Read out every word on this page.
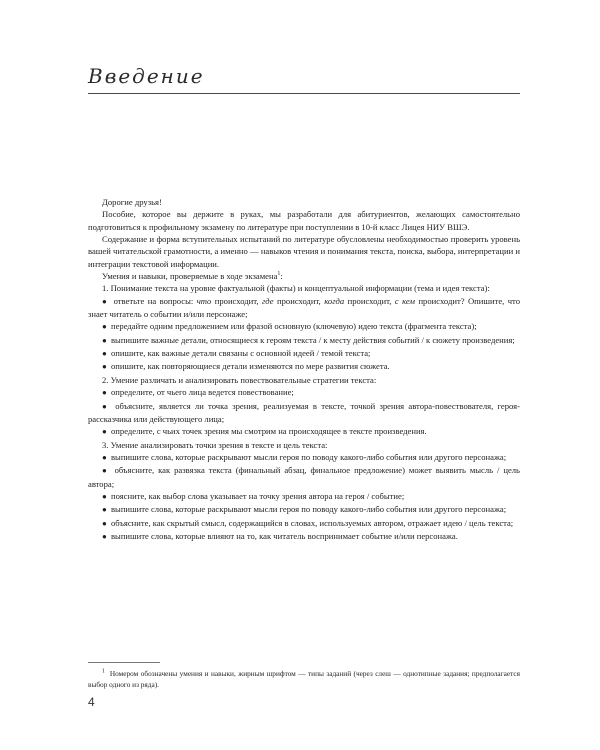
Введение

Дорогие друзья!

Пособие, которое вы держите в руках, мы разработали для абитуриентов, желающих самостоятельно подготовиться к профильному экзамену по литературе при поступлении в 10-й класс Лицея НИУ ВШЭ.

Содержание и форма вступительных испытаний по литературе обусловлены необходимостью проверить уровень вашей читательской грамотности, а именно — навыков чтения и понимания текста, поиска, выбора, интерпретации и интеграции текстовой информации.

Умения и навыки, проверяемые в ходе экзамена$^1$:

1. Понимание текста на уровне фактуальной (факты) и концептуальной информации (тема и идея текста):

● ответьте на вопросы: что происходит, где происходит, когда происходит, с кем происходит? Опишите, что знает читатель о событии и/или персонаже;

● передайте одним предложением или фразой основную (ключевую) идею текста (фрагмента текста);

● выпишите важные детали, относящиеся к героям текста / к месту действия событий / к сюжету произведения;

● опишите, как важные детали связаны с основной идеей / темой текста;

● опишите, как повторяющиеся детали изменяются по мере развития сюжета.

2. Умение различать и анализировать повествовательные стратегии текста:

● определите, от чьего лица ведется повествование;

● объясните, является ли точка зрения, реализуемая в тексте, точкой зрения автора-повествователя, героя-рассказчика или действующего лица;

● определите, с чьих точек зрения мы смотрим на происходящее в тексте произведения.

3. Умение анализировать точки зрения в тексте и цель текста:

● выпишите слова, которые раскрывают мысли героя по поводу какого-либо события или другого персонажа;

● объясните, как развязка текста (финальный абзац, финальное предложение) может выявить мысль / цель автора;

● поясните, как выбор слова указывает на точку зрения автора на героя / событие;

● выпишите слова, которые раскрывают мысли героя по поводу какого-либо события или другого персонажа;

● объясните, как скрытый смысл, содержащийся в словах, используемых автором, отражает идею / цель текста;

● выпишите слова, которые влияют на то, как читатель воспринимает событие и/или персонажа.

$^1$ Номером обозначены умения и навыки, жирным шрифтом — типы заданий (через слеш — однотипные задания; предполагается выбор одного из ряда).

4
